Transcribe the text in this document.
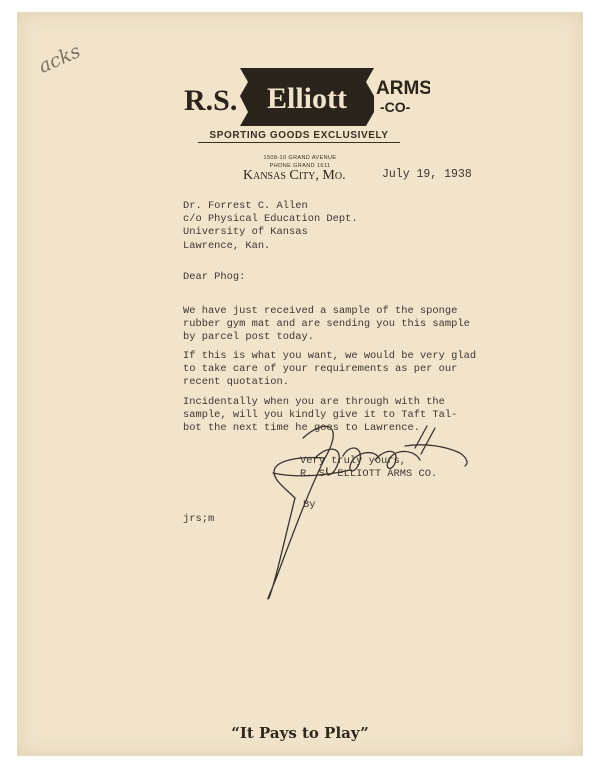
acks
R.S. Elliott ARMS
-CO-
SPORTING GOODS EXCLUSIVELY
1508-10 GRAND AVENUE
PHONE GRAND 1611
Kansas City, Mo.	July 19, 1938
Dr. Forrest C. Allen
c/o Physical Education Dept.
University of Kansas
Lawrence, Kan.
Dear Phog:
We have just received a sample of the sponge
rubber gym mat and are sending you this sample
by parcel post today.
If this is what you want, we would be very glad
to take care of your requirements as per our
recent quotation.
Incidentally when you are through with the
sample, will you kindly give it to Taft Tal-
bot the next time he goes to Lawrence.
Very truly yours,
R. S. ELLIOTT ARMS CO.
By
jrs;m
“It Pays to Play”
